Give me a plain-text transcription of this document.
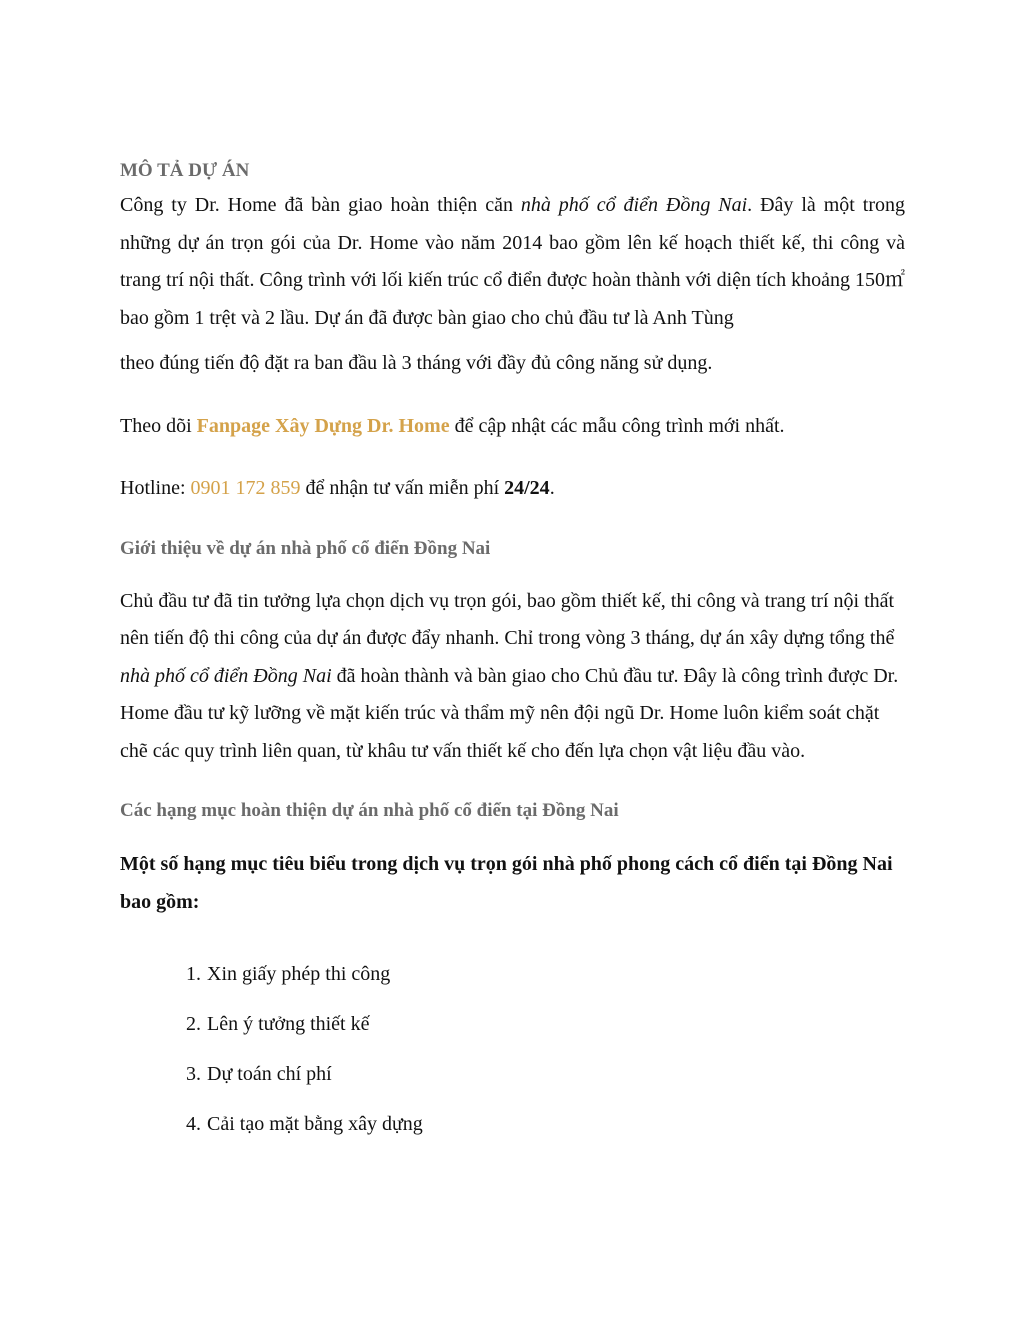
MÔ TẢ DỰ ÁN

Công ty Dr. Home đã bàn giao hoàn thiện căn nhà phố cổ điển Đồng Nai. Đây là một trong những dự án trọn gói của Dr. Home vào năm 2014 bao gồm lên kế hoạch thiết kế, thi công và trang trí nội thất. Công trình với lối kiến trúc cổ điển được hoàn thành với diện tích khoảng 150㎡ bao gồm 1 trệt và 2 lầu. Dự án đã được bàn giao cho chủ đầu tư là Anh Tùng

theo đúng tiến độ đặt ra ban đầu là 3 tháng với đầy đủ công năng sử dụng.

Theo dõi Fanpage Xây Dựng Dr. Home để cập nhật các mẫu công trình mới nhất.

Hotline: 0901 172 859 để nhận tư vấn miễn phí 24/24.

Giới thiệu về dự án nhà phố cổ điển Đồng Nai

Chủ đầu tư đã tin tưởng lựa chọn dịch vụ trọn gói, bao gồm thiết kế, thi công và trang trí nội thất nên tiến độ thi công của dự án được đẩy nhanh. Chỉ trong vòng 3 tháng, dự án xây dựng tổng thể nhà phố cổ điển Đồng Nai đã hoàn thành và bàn giao cho Chủ đầu tư. Đây là công trình được Dr. Home đầu tư kỹ lưỡng về mặt kiến trúc và thẩm mỹ nên đội ngũ Dr. Home luôn kiểm soát chặt chẽ các quy trình liên quan, từ khâu tư vấn thiết kế cho đến lựa chọn vật liệu đầu vào.

Các hạng mục hoàn thiện dự án nhà phố cổ điển tại Đồng Nai

Một số hạng mục tiêu biểu trong dịch vụ trọn gói nhà phố phong cách cổ điển tại Đồng Nai bao gồm:

1. Xin giấy phép thi công
2. Lên ý tưởng thiết kế
3. Dự toán chí phí
4. Cải tạo mặt bằng xây dựng
